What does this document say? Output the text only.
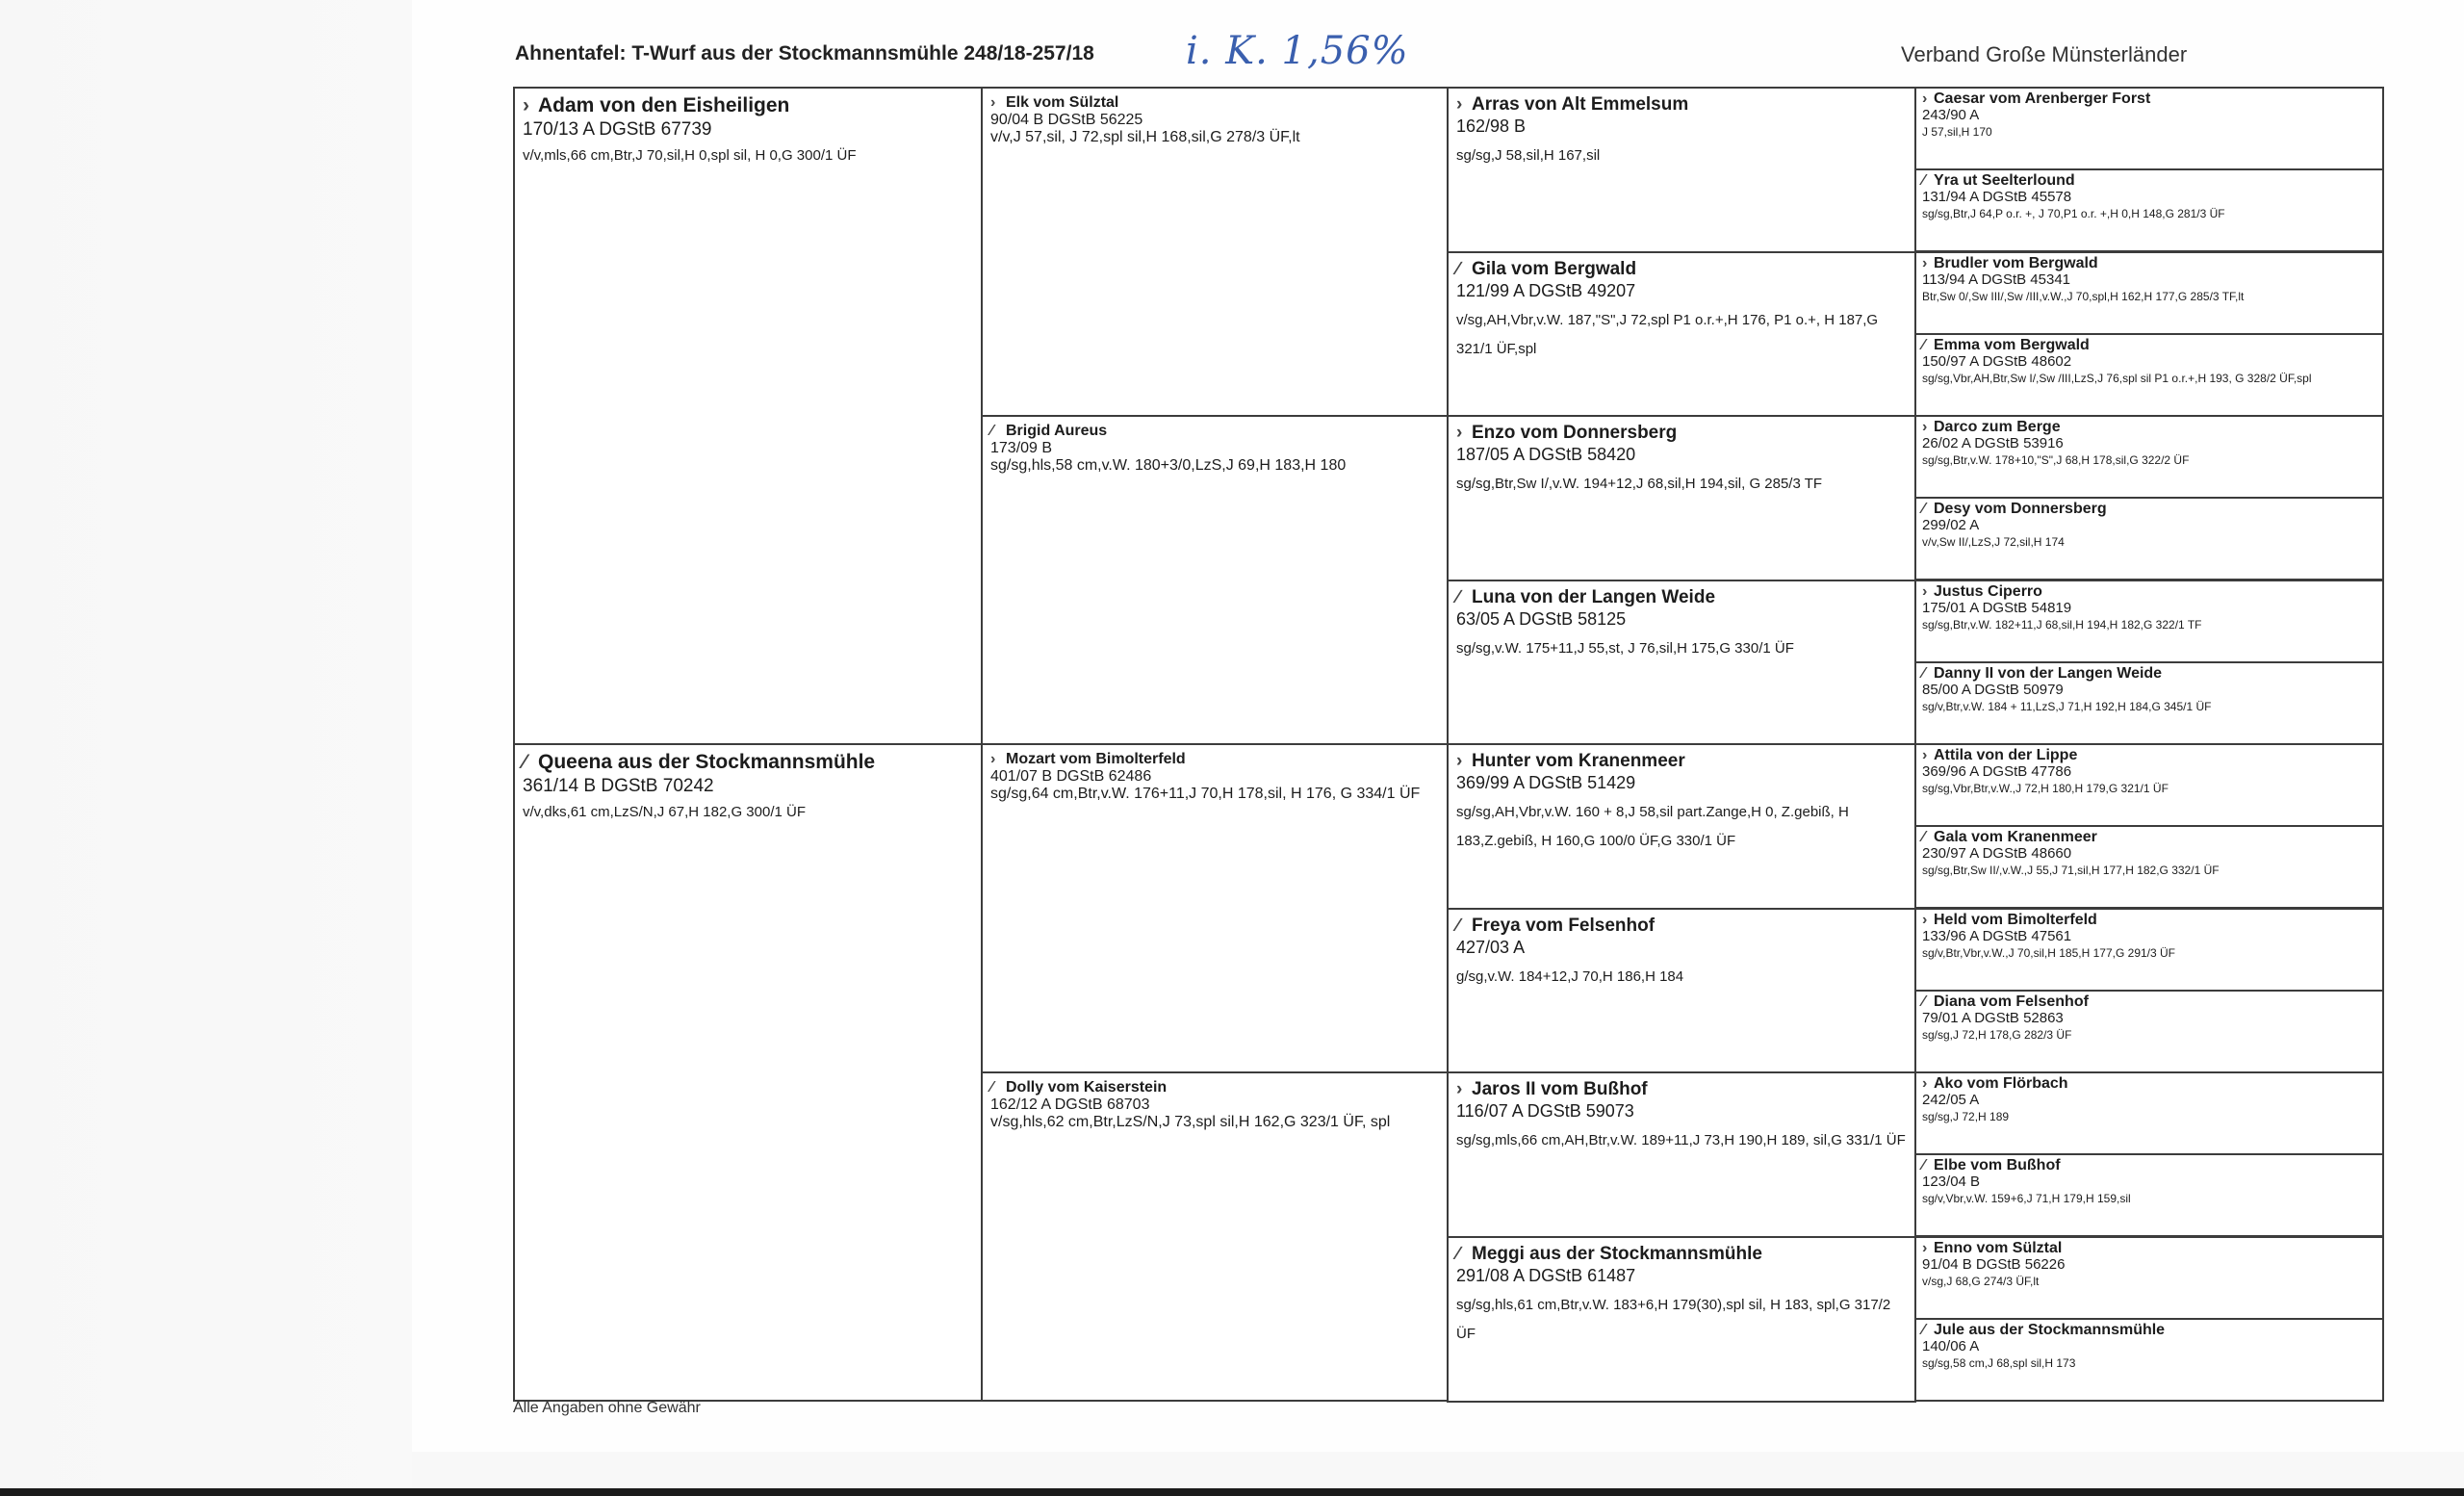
Ahnentafel: T-Wurf aus der Stockmannsmühle 248/18-257/18 i. K. 1,56%	Verband Große Münsterländer
› Adam von den Eisheiligen
170/13 A DGStB 67739
v/v,mls,66 cm,Btr,J 70,sil,H 0,spl sil, H 0,G 300/1 ÜF
∕ Queena aus der Stockmannsmühle
361/14 B DGStB 70242
v/v,dks,61 cm,LzS/N,J 67,H 182,G 300/1 ÜF
› Elk vom Sülztal
90/04 B DGStB 56225
v/v,J 57,sil, J 72,spl sil,H 168,sil,G 278/3 ÜF,lt
∕ Brigid Aureus
173/09 B
sg/sg,hls,58 cm,v.W. 180+3/0,LzS,J 69,H 183,H 180
› Mozart vom Bimolterfeld
401/07 B DGStB 62486
sg/sg,64 cm,Btr,v.W. 176+11,J 70,H 178,sil, H 176, G 334/1 ÜF
∕ Dolly vom Kaiserstein
162/12 A DGStB 68703
v/sg,hls,62 cm,Btr,LzS/N,J 73,spl sil,H 162,G 323/1 ÜF, spl
› Arras von Alt Emmelsum
162/98 B
sg/sg,J 58,sil,H 167,sil
∕ Gila vom Bergwald
121/99 A DGStB 49207
v/sg,AH,Vbr,v.W. 187,"S",J 72,spl P1 o.r.+,H 176, P1 o.+, H 187,G 321/1 ÜF,spl
› Enzo vom Donnersberg
187/05 A DGStB 58420
sg/sg,Btr,Sw I/,v.W. 194+12,J 68,sil,H 194,sil, G 285/3 TF
∕ Luna von der Langen Weide
63/05 A DGStB 58125
sg/sg,v.W. 175+11,J 55,st, J 76,sil,H 175,G 330/1 ÜF
› Hunter vom Kranenmeer
369/99 A DGStB 51429
sg/sg,AH,Vbr,v.W. 160 + 8,J 58,sil part.Zange,H 0, Z.gebiß, H 183,Z.gebiß, H 160,G 100/0 ÜF,G 330/1 ÜF
∕ Freya vom Felsenhof
427/03 A
g/sg,v.W. 184+12,J 70,H 186,H 184
› Jaros II vom Bußhof
116/07 A DGStB 59073
sg/sg,mls,66 cm,AH,Btr,v.W. 189+11,J 73,H 190,H 189, sil,G 331/1 ÜF
∕ Meggi aus der Stockmannsmühle
291/08 A DGStB 61487
sg/sg,hls,61 cm,Btr,v.W. 183+6,H 179(30),spl sil, H 183, spl,G 317/2 ÜF
› Caesar vom Arenberger Forst
243/90 A
J 57,sil,H 170
∕ Yra ut Seelterlound
131/94 A DGStB 45578
sg/sg,Btr,J 64,P o.r. +, J 70,P1 o.r. +,H 0,H 148,G 281/3 ÜF
› Brudler vom Bergwald
113/94 A DGStB 45341
Btr,Sw 0/,Sw III/,Sw /III,v.W.,J 70,spl,H 162,H 177,G 285/3 TF,lt
∕ Emma vom Bergwald
150/97 A DGStB 48602
sg/sg,Vbr,AH,Btr,Sw I/,Sw /III,LzS,J 76,spl sil P1 o.r.+,H 193, G 328/2 ÜF,spl
› Darco zum Berge
26/02 A DGStB 53916
sg/sg,Btr,v.W. 178+10,"S",J 68,H 178,sil,G 322/2 ÜF
∕ Desy vom Donnersberg
299/02 A
v/v,Sw II/,LzS,J 72,sil,H 174
› Justus Ciperro
175/01 A DGStB 54819
sg/sg,Btr,v.W. 182+11,J 68,sil,H 194,H 182,G 322/1 TF
∕ Danny II von der Langen Weide
85/00 A DGStB 50979
sg/v,Btr,v.W. 184 + 11,LzS,J 71,H 192,H 184,G 345/1 ÜF
› Attila von der Lippe
369/96 A DGStB 47786
sg/sg,Vbr,Btr,v.W.,J 72,H 180,H 179,G 321/1 ÜF
∕ Gala vom Kranenmeer
230/97 A DGStB 48660
sg/sg,Btr,Sw II/,v.W.,J 55,J 71,sil,H 177,H 182,G 332/1 ÜF
› Held vom Bimolterfeld
133/96 A DGStB 47561
sg/v,Btr,Vbr,v.W.,J 70,sil,H 185,H 177,G 291/3 ÜF
∕ Diana vom Felsenhof
79/01 A DGStB 52863
sg/sg,J 72,H 178,G 282/3 ÜF
› Ako vom Flörbach
242/05 A
sg/sg,J 72,H 189
∕ Elbe vom Bußhof
123/04 B
sg/v,Vbr,v.W. 159+6,J 71,H 179,H 159,sil
› Enno vom Sülztal
91/04 B DGStB 56226
v/sg,J 68,G 274/3 ÜF,lt
∕ Jule aus der Stockmannsmühle
140/06 A
sg/sg,58 cm,J 68,spl sil,H 173
Alle Angaben ohne Gewähr
